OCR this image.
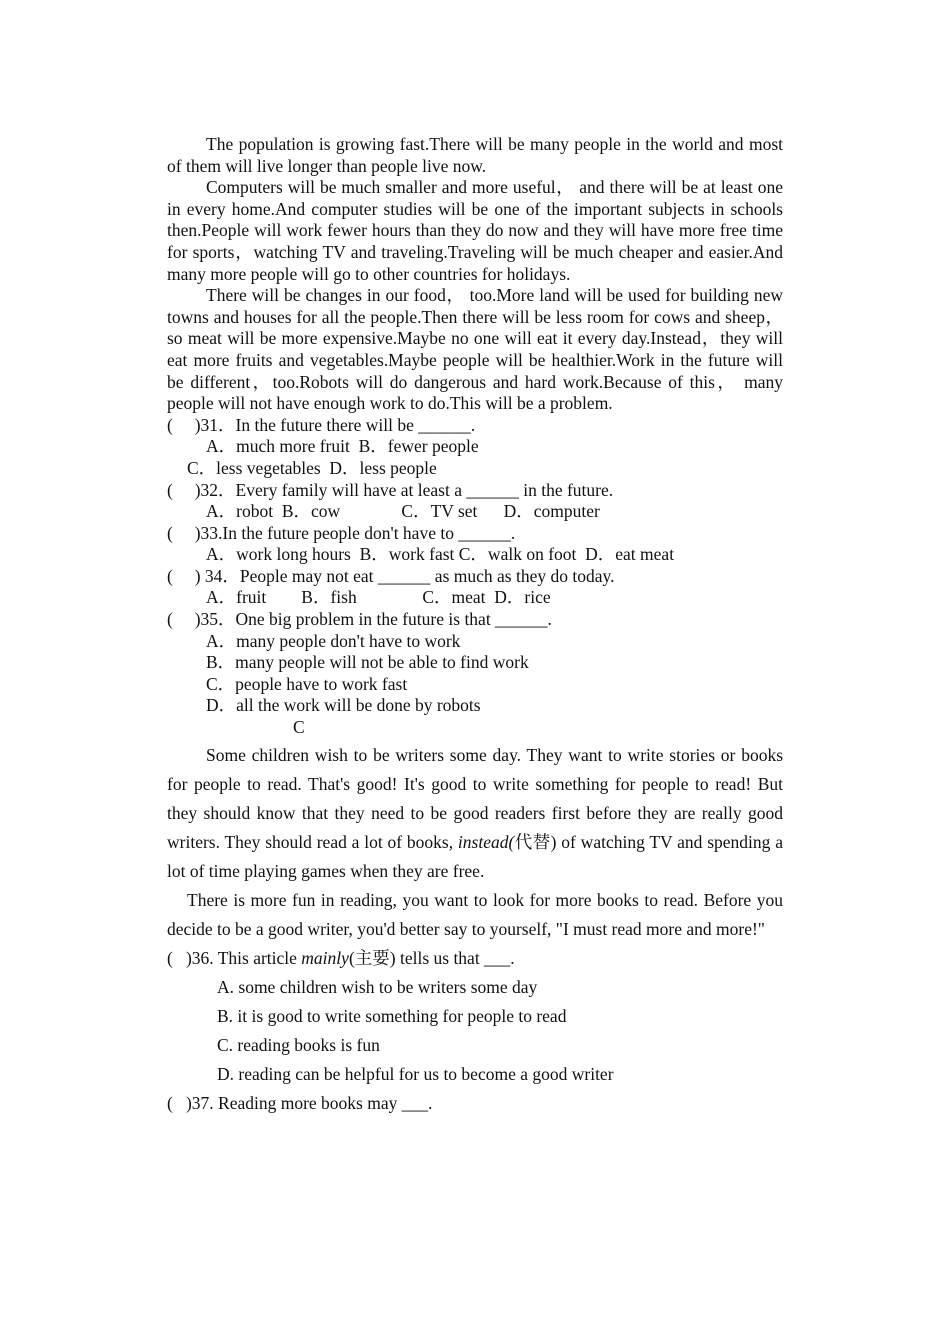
The population is growing fast.There will be many people in the world and most of them will live longer than people live now.

Computers will be much smaller and more useful， and there will be at least one in every home.And computer studies will be one of the important subjects in schools then.People will work fewer hours than they do now and they will have more free time for sports，watching TV and traveling.Traveling will be much cheaper and easier.And many more people will go to other countries for holidays.

There will be changes in our food， too.More land will be used for building new towns and houses for all the people.Then there will be less room for cows and sheep，so meat will be more expensive.Maybe no one will eat it every day.Instead，they will eat more fruits and vegetables.Maybe people will be healthier.Work in the future will be different，too.Robots will do dangerous and hard work.Because of this， many people will not have enough work to do.This will be a problem.

(     )31．In the future there will be ______.
A．much more fruit  B．fewer people
C．less vegetables  D．less people
(     )32．Every family will have at least a ______ in the future.
A．robot  B．cow              C．TV set      D．computer
(     )33.In the future people don't have to ______.
A．work long hours  B．work fast C．walk on foot  D．eat meat
(     ) 34．People may not eat ______ as much as they do today.
A．fruit        B．fish               C．meat  D．rice
(     )35．One big problem in the future is that ______.
A．many people don't have to work
B．many people will not be able to find work
C．people have to work fast
D．all the work will be done by robots
C

Some children wish to be writers some day. They want to write stories or books for people to read. That's good! It's good to write something for people to read! But they should know that they need to be good readers first before they are really good writers. They should read a lot of books, instead(代替) of watching TV and spending a lot of time playing games when they are free.

There is more fun in reading, you want to look for more books to read. Before you decide to be a good writer, you'd better say to yourself, "I must read more and more!"

(   )36. This article mainly(主要) tells us that ___.
A. some children wish to be writers some day
B. it is good to write something for people to read
C. reading books is fun
D. reading can be helpful for us to become a good writer
(   )37. Reading more books may ___.
